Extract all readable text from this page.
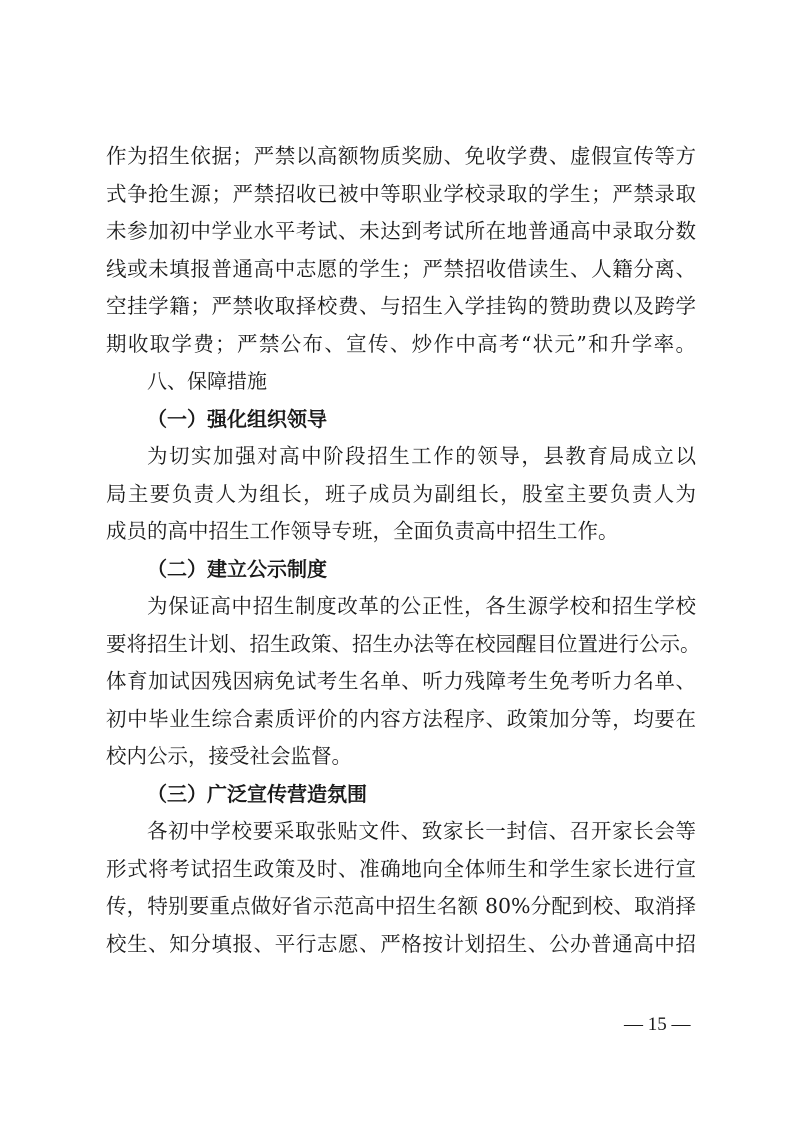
作为招生依据；严禁以高额物质奖励、免收学费、虚假宣传等方
式争抢生源；严禁招收已被中等职业学校录取的学生；严禁录取
未参加初中学业水平考试、未达到考试所在地普通高中录取分数
线或未填报普通高中志愿的学生；严禁招收借读生、人籍分离、
空挂学籍；严禁收取择校费、与招生入学挂钩的赞助费以及跨学
期收取学费；严禁公布、宣传、炒作中高考“状元”和升学率。
八、保障措施
（一）强化组织领导
为切实加强对高中阶段招生工作的领导，县教育局成立以
局主要负责人为组长，班子成员为副组长，股室主要负责人为
成员的高中招生工作领导专班，全面负责高中招生工作。
（二）建立公示制度
为保证高中招生制度改革的公正性，各生源学校和招生学校
要将招生计划、招生政策、招生办法等在校园醒目位置进行公示。
体育加试因残因病免试考生名单、听力残障考生免考听力名单、
初中毕业生综合素质评价的内容方法程序、政策加分等，均要在
校内公示，接受社会监督。
（三）广泛宣传营造氛围
各初中学校要采取张贴文件、致家长一封信、召开家长会等
形式将考试招生政策及时、准确地向全体师生和学生家长进行宣
传，特别要重点做好省示范高中招生名额 80%分配到校、取消择
校生、知分填报、平行志愿、严格按计划招生、公办普通高中招
— 15 —
